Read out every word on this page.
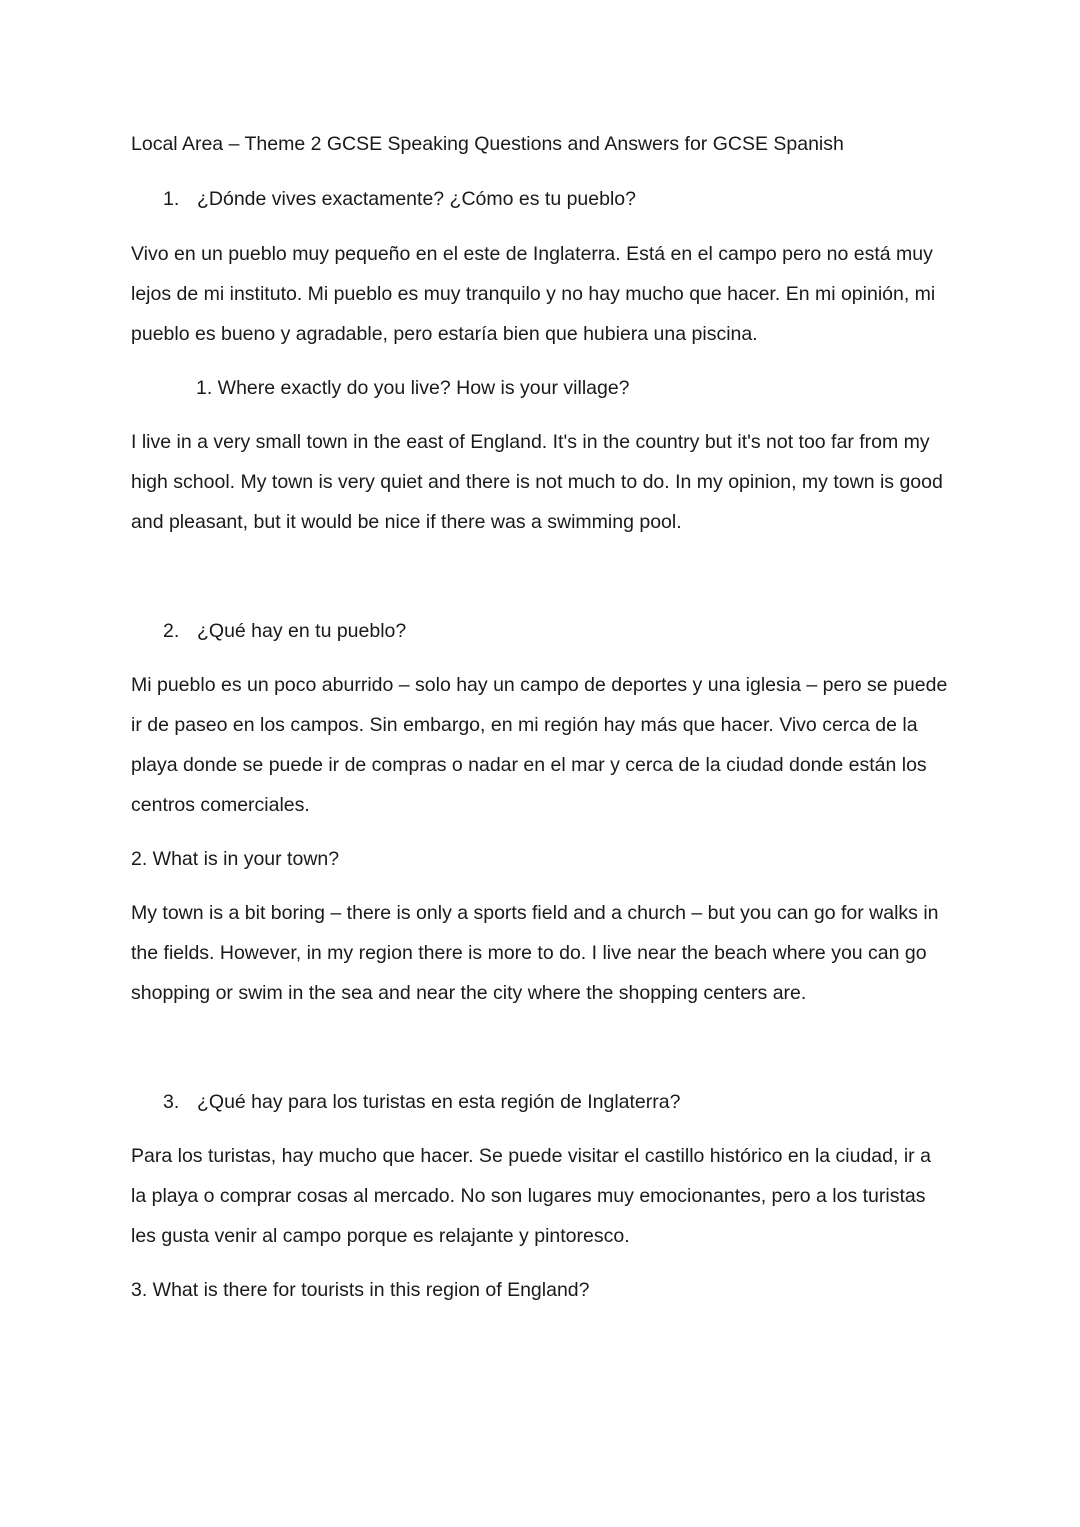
Local Area – Theme 2 GCSE Speaking Questions and Answers for GCSE Spanish

1. ¿Dónde vives exactamente? ¿Cómo es tu pueblo?

Vivo en un pueblo muy pequeño en el este de Inglaterra. Está en el campo pero no está muy lejos de mi instituto. Mi pueblo es muy tranquilo y no hay mucho que hacer. En mi opinión, mi pueblo es bueno y agradable, pero estaría bien que hubiera una piscina.

1. Where exactly do you live? How is your village?

I live in a very small town in the east of England. It's in the country but it's not too far from my high school. My town is very quiet and there is not much to do. In my opinion, my town is good and pleasant, but it would be nice if there was a swimming pool.

2. ¿Qué hay en tu pueblo?

Mi pueblo es un poco aburrido – solo hay un campo de deportes y una iglesia – pero se puede ir de paseo en los campos. Sin embargo, en mi región hay más que hacer. Vivo cerca de la playa donde se puede ir de compras o nadar en el mar y cerca de la ciudad donde están los centros comerciales.

2. What is in your town?

My town is a bit boring – there is only a sports field and a church – but you can go for walks in the fields. However, in my region there is more to do. I live near the beach where you can go shopping or swim in the sea and near the city where the shopping centers are.

3. ¿Qué hay para los turistas en esta región de Inglaterra?

Para los turistas, hay mucho que hacer. Se puede visitar el castillo histórico en la ciudad, ir a la playa o comprar cosas al mercado. No son lugares muy emocionantes, pero a los turistas les gusta venir al campo porque es relajante y pintoresco.

3. What is there for tourists in this region of England?
